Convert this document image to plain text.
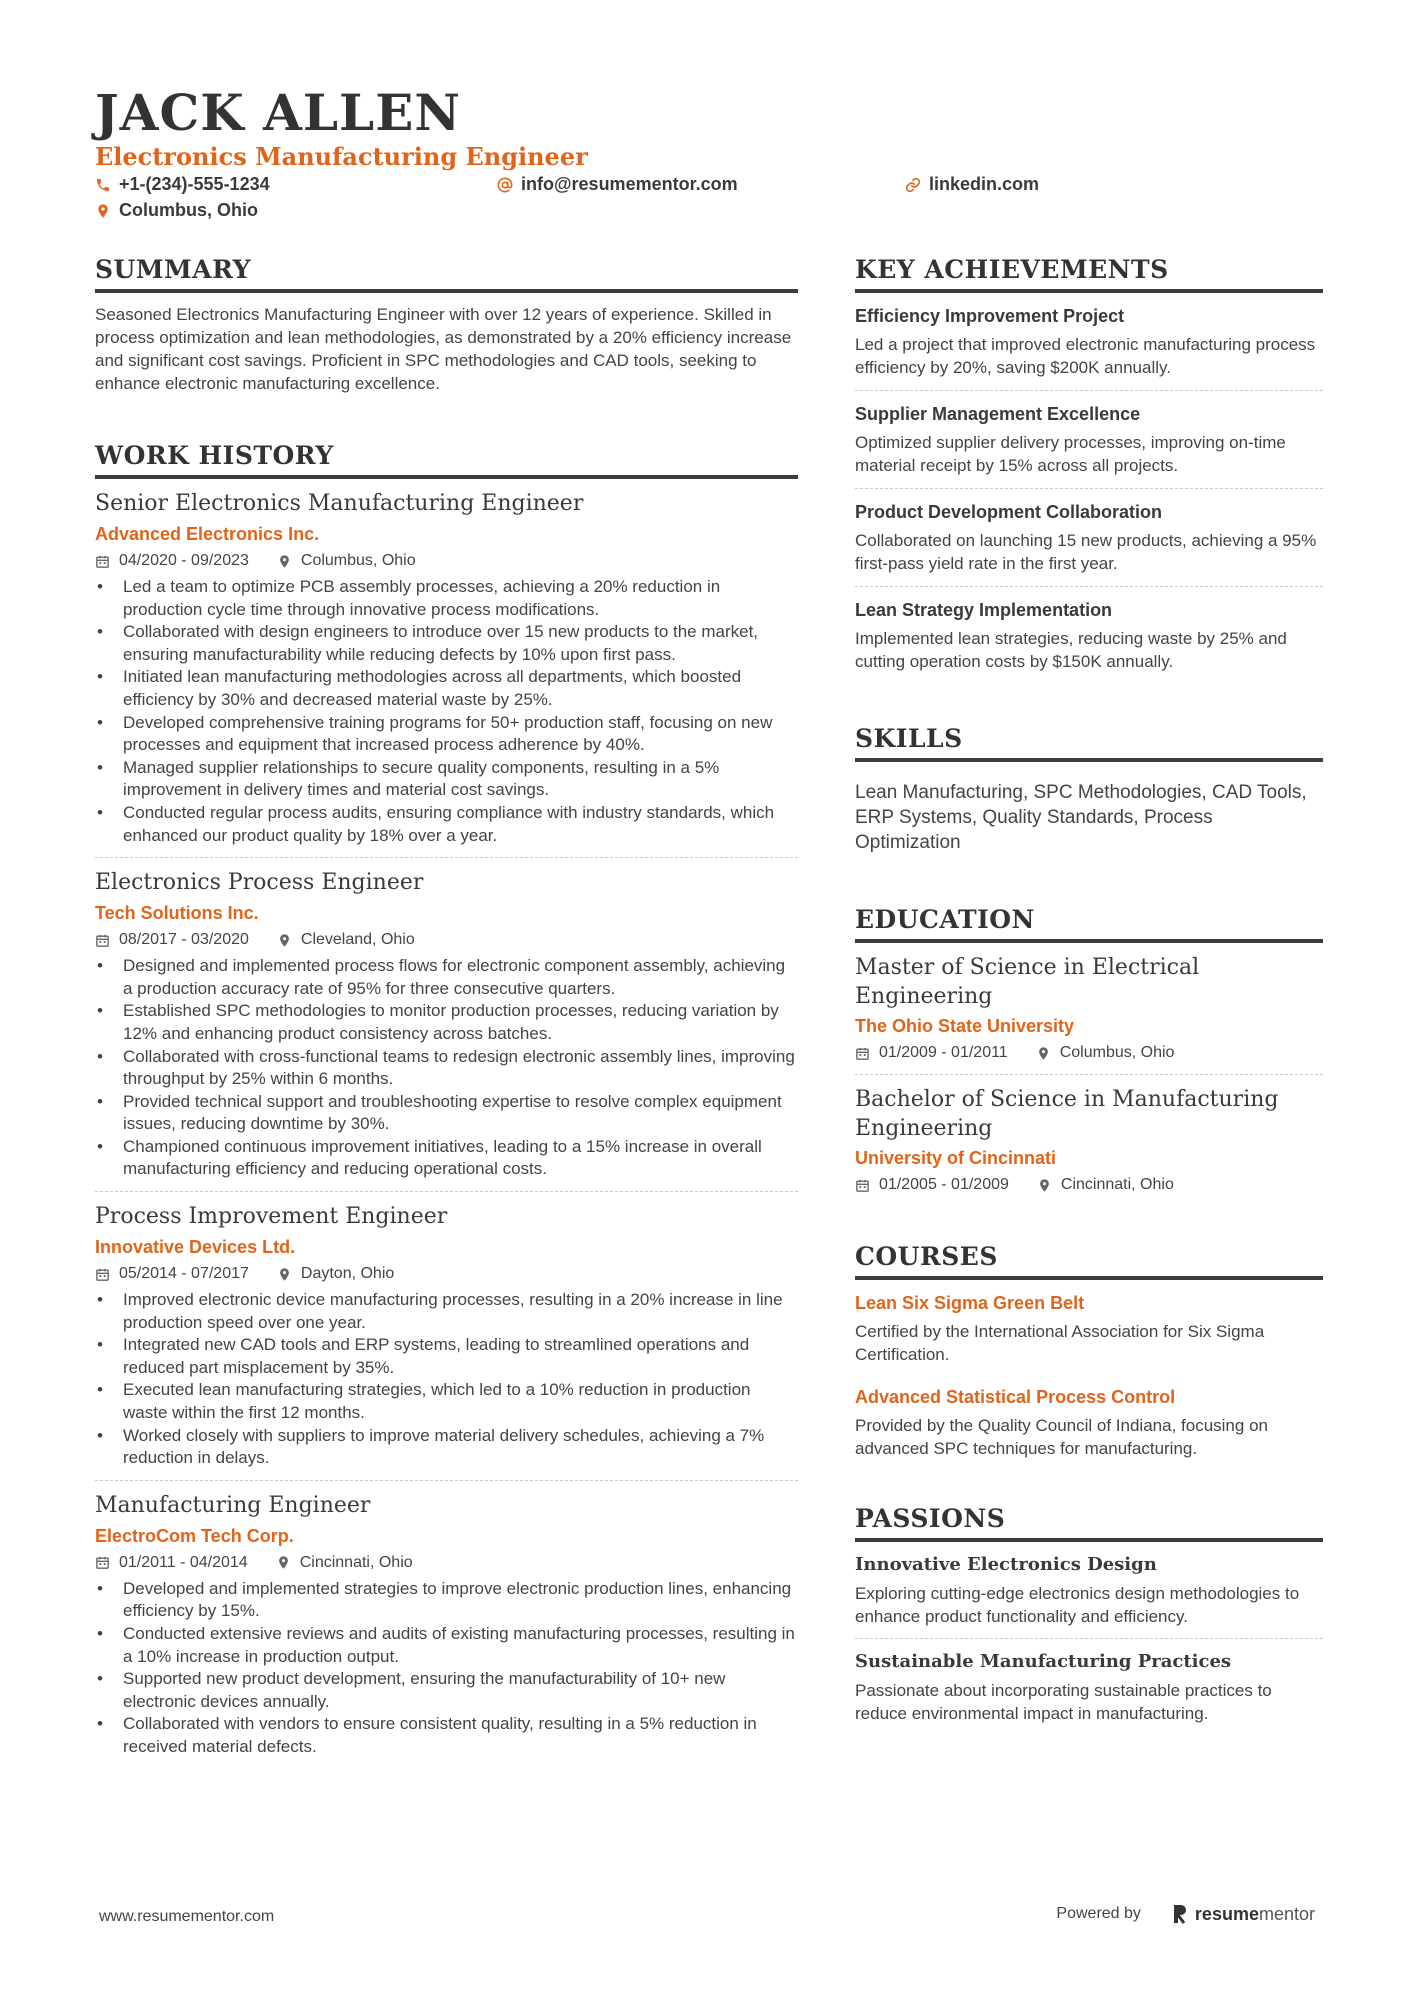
JACK ALLEN
Electronics Manufacturing Engineer
+1-(234)-555-1234	info@resumementor.com	linkedin.com
Columbus, Ohio
SUMMARY
Seasoned Electronics Manufacturing Engineer with over 12 years of experience. Skilled in process optimization and lean methodologies, as demonstrated by a 20% efficiency increase and significant cost savings. Proficient in SPC methodologies and CAD tools, seeking to enhance electronic manufacturing excellence.
WORK HISTORY
Senior Electronics Manufacturing Engineer
Advanced Electronics Inc.
04/2020 - 09/2023	Columbus, Ohio
• Led a team to optimize PCB assembly processes, achieving a 20% reduction in production cycle time through innovative process modifications.
• Collaborated with design engineers to introduce over 15 new products to the market, ensuring manufacturability while reducing defects by 10% upon first pass.
• Initiated lean manufacturing methodologies across all departments, which boosted efficiency by 30% and decreased material waste by 25%.
• Developed comprehensive training programs for 50+ production staff, focusing on new processes and equipment that increased process adherence by 40%.
• Managed supplier relationships to secure quality components, resulting in a 5% improvement in delivery times and material cost savings.
• Conducted regular process audits, ensuring compliance with industry standards, which enhanced our product quality by 18% over a year.
Electronics Process Engineer
Tech Solutions Inc.
08/2017 - 03/2020	Cleveland, Ohio
• Designed and implemented process flows for electronic component assembly, achieving a production accuracy rate of 95% for three consecutive quarters.
• Established SPC methodologies to monitor production processes, reducing variation by 12% and enhancing product consistency across batches.
• Collaborated with cross-functional teams to redesign electronic assembly lines, improving throughput by 25% within 6 months.
• Provided technical support and troubleshooting expertise to resolve complex equipment issues, reducing downtime by 30%.
• Championed continuous improvement initiatives, leading to a 15% increase in overall manufacturing efficiency and reducing operational costs.
Process Improvement Engineer
Innovative Devices Ltd.
05/2014 - 07/2017	Dayton, Ohio
• Improved electronic device manufacturing processes, resulting in a 20% increase in line production speed over one year.
• Integrated new CAD tools and ERP systems, leading to streamlined operations and reduced part misplacement by 35%.
• Executed lean manufacturing strategies, which led to a 10% reduction in production waste within the first 12 months.
• Worked closely with suppliers to improve material delivery schedules, achieving a 7% reduction in delays.
Manufacturing Engineer
ElectroCom Tech Corp.
01/2011 - 04/2014	Cincinnati, Ohio
• Developed and implemented strategies to improve electronic production lines, enhancing efficiency by 15%.
• Conducted extensive reviews and audits of existing manufacturing processes, resulting in a 10% increase in production output.
• Supported new product development, ensuring the manufacturability of 10+ new electronic devices annually.
• Collaborated with vendors to ensure consistent quality, resulting in a 5% reduction in received material defects.
KEY ACHIEVEMENTS
Efficiency Improvement Project
Led a project that improved electronic manufacturing process efficiency by 20%, saving $200K annually.
Supplier Management Excellence
Optimized supplier delivery processes, improving on-time material receipt by 15% across all projects.
Product Development Collaboration
Collaborated on launching 15 new products, achieving a 95% first-pass yield rate in the first year.
Lean Strategy Implementation
Implemented lean strategies, reducing waste by 25% and cutting operation costs by $150K annually.
SKILLS
Lean Manufacturing, SPC Methodologies, CAD Tools, ERP Systems, Quality Standards, Process Optimization
EDUCATION
Master of Science in Electrical Engineering
The Ohio State University
01/2009 - 01/2011	Columbus, Ohio
Bachelor of Science in Manufacturing Engineering
University of Cincinnati
01/2005 - 01/2009	Cincinnati, Ohio
COURSES
Lean Six Sigma Green Belt
Certified by the International Association for Six Sigma Certification.
Advanced Statistical Process Control
Provided by the Quality Council of Indiana, focusing on advanced SPC techniques for manufacturing.
PASSIONS
Innovative Electronics Design
Exploring cutting-edge electronics design methodologies to enhance product functionality and efficiency.
Sustainable Manufacturing Practices
Passionate about incorporating sustainable practices to reduce environmental impact in manufacturing.
www.resumementor.com	Powered by	resume mentor
